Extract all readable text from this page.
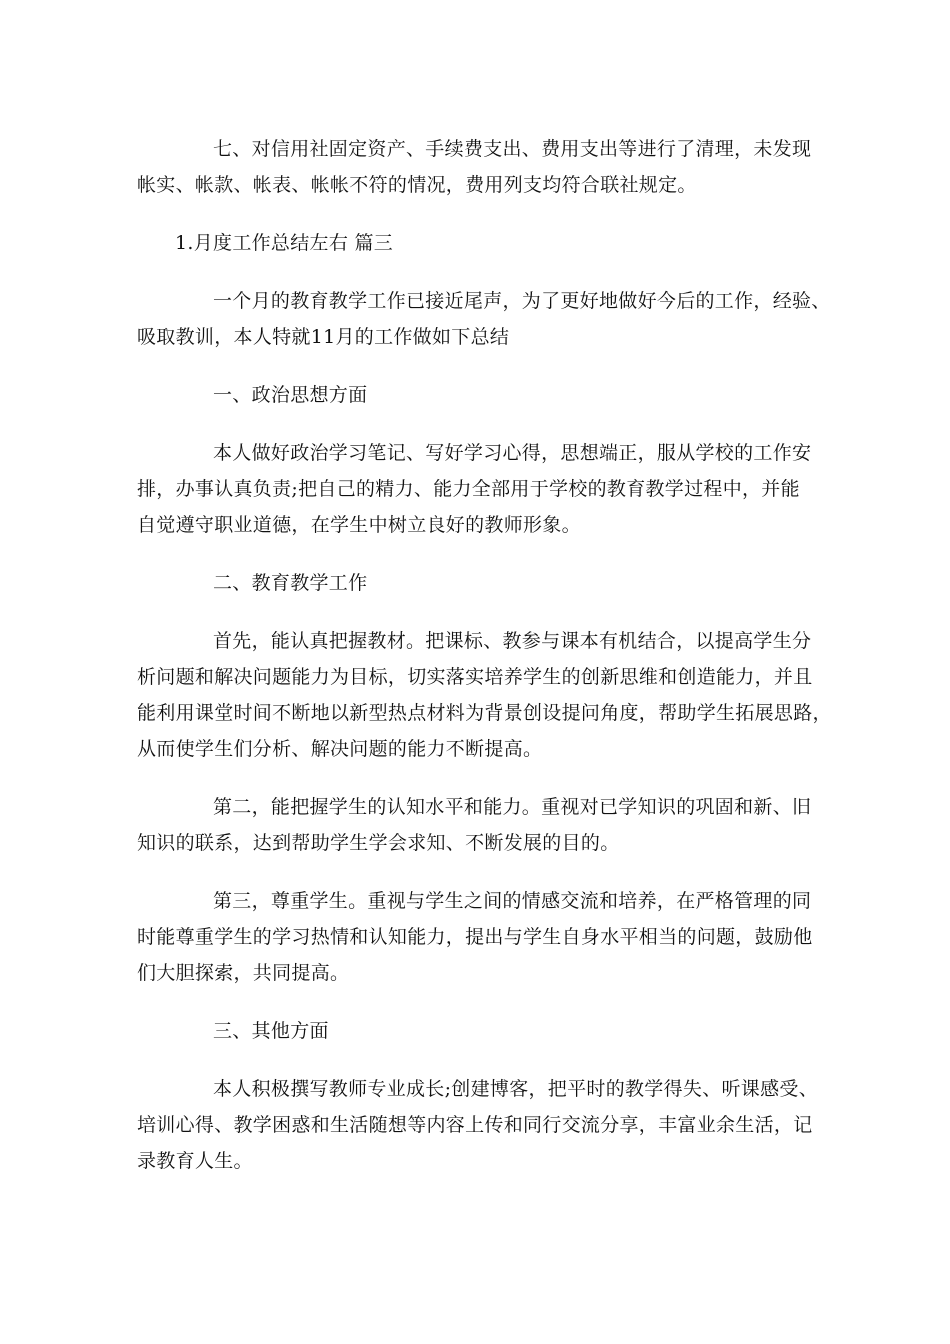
七、对信用社固定资产、手续费支出、费用支出等进行了清理，未发现
帐实、帐款、帐表、帐帐不符的情况，费用列支均符合联社规定。
1.月度工作总结左右 篇三
一个月的教育教学工作已接近尾声，为了更好地做好今后的工作，经验、
吸取教训，本人特就11月的工作做如下总结
一、政治思想方面
本人做好政治学习笔记、写好学习心得，思想端正，服从学校的工作安
排，办事认真负责;把自己的精力、能力全部用于学校的教育教学过程中，并能
自觉遵守职业道德，在学生中树立良好的教师形象。
二、教育教学工作
首先，能认真把握教材。把课标、教参与课本有机结合，以提高学生分
析问题和解决问题能力为目标，切实落实培养学生的创新思维和创造能力，并且
能利用课堂时间不断地以新型热点材料为背景创设提问角度，帮助学生拓展思路，
从而使学生们分析、解决问题的能力不断提高。
第二，能把握学生的认知水平和能力。重视对已学知识的巩固和新、旧
知识的联系，达到帮助学生学会求知、不断发展的目的。
第三，尊重学生。重视与学生之间的情感交流和培养，在严格管理的同
时能尊重学生的学习热情和认知能力，提出与学生自身水平相当的问题，鼓励他
们大胆探索，共同提高。
三、其他方面
本人积极撰写教师专业成长;创建博客，把平时的教学得失、听课感受、
培训心得、教学困惑和生活随想等内容上传和同行交流分享，丰富业余生活，记
录教育人生。
